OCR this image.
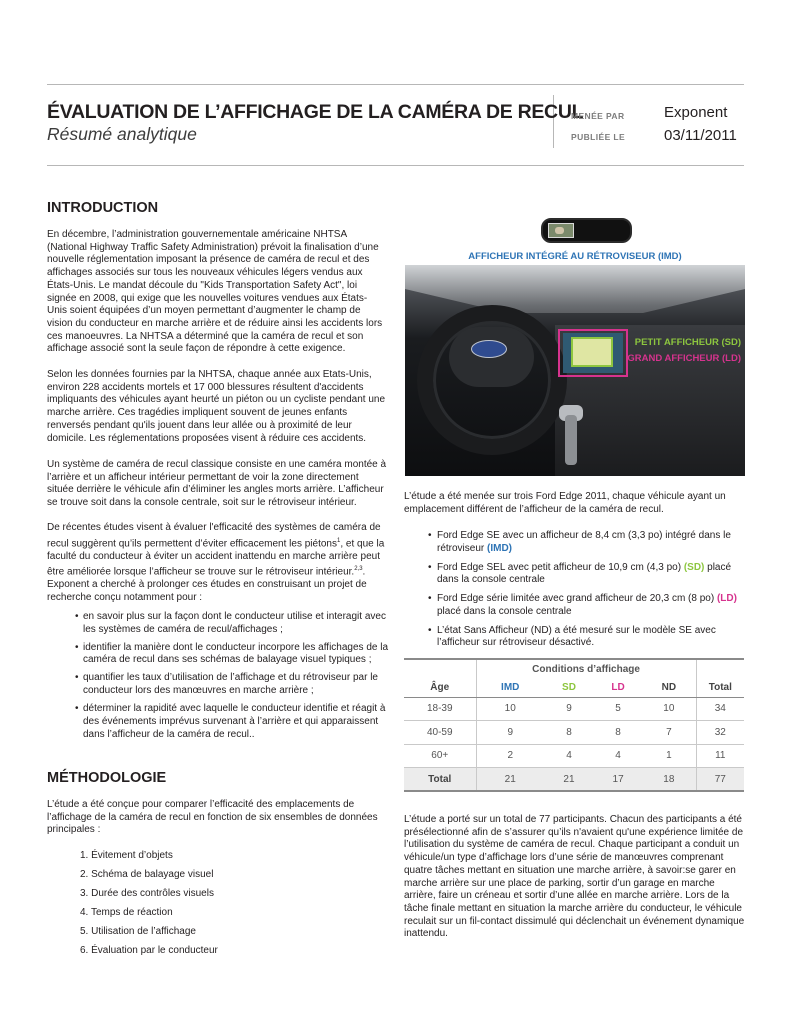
ÉVALUATION DE L’AFFICHAGE DE LA CAMÉRA DE RECUL
Résumé analytique
MENÉE PAR	Exponent
PUBLIÉE LE	03/11/2011
INTRODUCTION

En décembre, l’administration gouvernementale américaine NHTSA (National Highway Traffic Safety Administration) prévoit la finalisation d’une nouvelle réglementation imposant la présence de caméra de recul et des affichages associés sur tous les nouveaux véhicules légers vendus aux États-Unis. Le mandat découle du "Kids Transportation Safety Act", loi signée en 2008, qui exige que les nouvelles voitures vendues aux États-Unis soient équipées d’un moyen permettant d’augmenter le champ de vision du conducteur en marche arrière et de réduire ainsi les accidents lors ces manoeuvres. La NHTSA a déterminé que la caméra de recul et son affichage associé sont la seule façon de répondre à cette exigence.

Selon les données fournies par la NHTSA, chaque année aux Etats-Unis, environ 228 accidents mortels et 17 000 blessures résultent d'accidents impliquants des véhicules ayant heurté un piéton ou un cycliste pendant une marche arrière. Ces tragédies impliquent souvent de jeunes enfants renversés pendant qu'ils jouent dans leur allée ou à proximité de leur domicile. Les réglementations proposées visent à réduire ces accidents.

Un système de caméra de recul classique consiste en une caméra montée à l’arrière et un afficheur intérieur permettant de voir la zone directement située derrière le véhicule afin d’éliminer les angles morts arrière. L’afficheur se trouve soit dans la console centrale, soit sur le rétroviseur intérieur.

De récentes études visent à évaluer l'efficacité des systèmes de caméra de recul suggèrent qu’ils permettent d’éviter efficacement les piétons$^1$, et que la faculté du conducteur à éviter un accident inattendu en marche arrière peut être améliorée lorsque l’afficheur se trouve sur le rétroviseur intérieur.$^{2,3}$. Exponent a cherché à prolonger ces études en construisant un projet de recherche conçu notamment pour :

• en savoir plus sur la façon dont le conducteur utilise et interagit avec les systèmes de caméra de recul/affichages ;
• identifier la manière dont le conducteur incorpore les affichages de la caméra de recul dans ses schémas de balayage visuel typiques ;
• quantifier les taux d’utilisation de l’affichage et du rétroviseur par le conducteur lors des manœuvres en marche arrière ;
• déterminer la rapidité avec laquelle le conducteur identifie et réagit à des événements imprévus survenant à l’arrière et qui apparaissent dans l’afficheur de la caméra de recul..
MÉTHODOLOGIE

L’étude a été conçue pour comparer l’efficacité des emplacements de l’affichage de la caméra de recul en fonction de six ensembles de données principales :

1. Évitement d’objets
2. Schéma de balayage visuel
3. Durée des contrôles visuels
4. Temps de réaction
5. Utilisation de l’affichage
6. Évaluation par le conducteur
AFFICHEUR INTÉGRÉ AU RÉTROVISEUR (IMD)
PETIT AFFICHEUR (SD)
GRAND AFFICHEUR (LD)

L’étude a été menée sur trois Ford Edge 2011, chaque véhicule ayant un emplacement différent de l’afficheur de la caméra de recul.

• Ford Edge SE avec un afficheur de 8,4 cm (3,3 po) intégré dans le rétroviseur (IMD)
• Ford Edge SEL avec petit afficheur de 10,9 cm (4,3 po) (SD) placé dans la console centrale
• Ford Edge série limitée avec grand afficheur de 20,3 cm (8 po) (LD) placé dans la console centrale
• L’état Sans Afficheur (ND) a été mesuré sur le modèle SE avec l’afficheur sur rétroviseur désactivé.
	Conditions d’affichage				
Âge	IMD	SD	LD	ND	Total
18-39	10	9	5	10	34
40-59	9	8	8	7	32
60+	2	4	4	1	11
Total	21	21	17	18	77

L’étude a porté sur un total de 77 participants. Chacun des participants a été présélectionné afin de s’assurer qu’ils n'avaient qu'une expérience limitée de l’utilisation du système de caméra de recul. Chaque participant a conduit un véhicule/un type d’affichage lors d’une série de manœuvres comprenant quatre tâches mettant en situation une marche arrière, à savoir:se garer en marche arrière sur une place de parking, sortir d’un garage en marche arrière, faire un créneau et sortir d’une allée en marche arrière. Lors de la tâche finale mettant en situation la marche arrière du conducteur, le véhicule reculait sur un fil-contact dissimulé qui déclenchait un événement dynamique inattendu.
